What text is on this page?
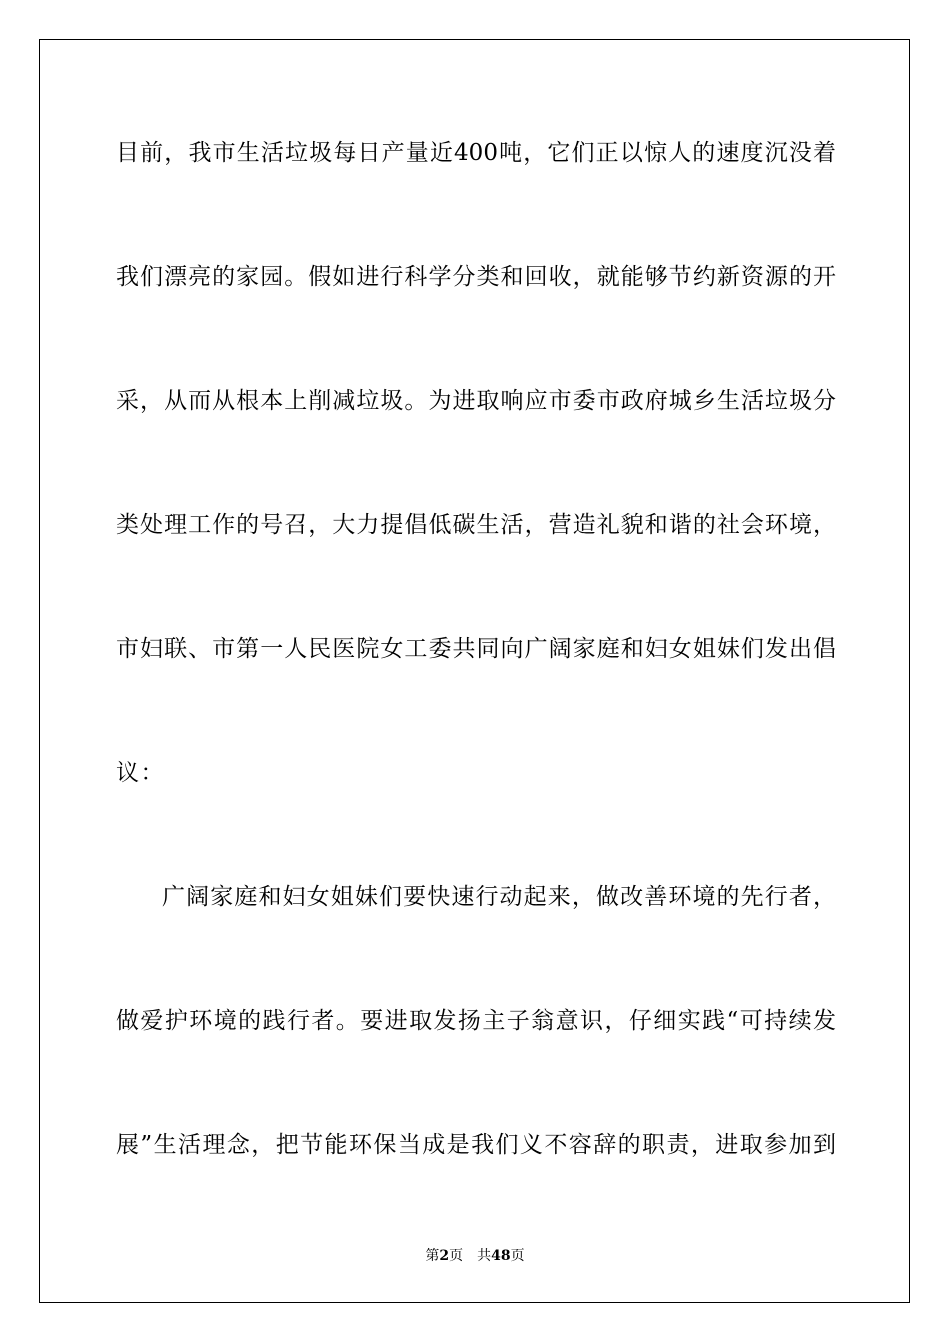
目前，我市生活垃圾每日产量近400吨，它们正以惊人的速度沉没着
我们漂亮的家园。假如进行科学分类和回收，就能够节约新资源的开
采，从而从根本上削减垃圾。为进取响应市委市政府城乡生活垃圾分
类处理工作的号召，大力提倡低碳生活，营造礼貌和谐的社会环境，
市妇联、市第一人民医院女工委共同向广阔家庭和妇女姐妹们发出倡
议：
广阔家庭和妇女姐妹们要快速行动起来，做改善环境的先行者，
做爱护环境的践行者。要进取发扬主子翁意识，仔细实践“可持续发
展”生活理念，把节能环保当成是我们义不容辞的职责，进取参加到
第2页 共48页
